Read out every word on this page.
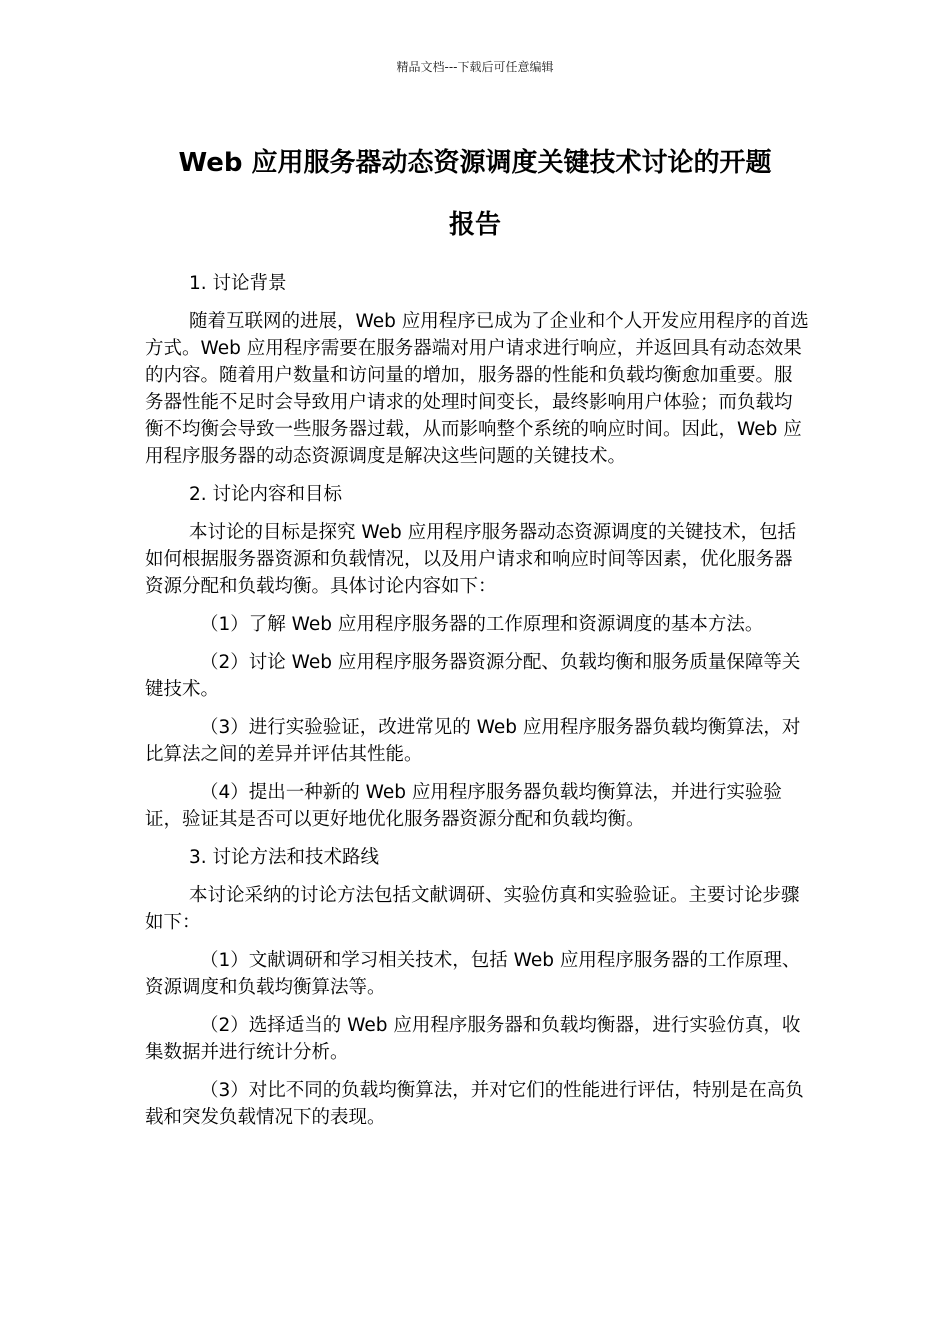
精品文档---下载后可任意编辑
Web 应用服务器动态资源调度关键技术讨论的开题
报告

1. 讨论背景

随着互联网的进展，Web 应用程序已成为了企业和个人开发应用程序的首选方式。Web 应用程序需要在服务器端对用户请求进行响应，并返回具有动态效果的内容。随着用户数量和访问量的增加，服务器的性能和负载均衡愈加重要。服务器性能不足时会导致用户请求的处理时间变长，最终影响用户体验；而负载均衡不均衡会导致一些服务器过载，从而影响整个系统的响应时间。因此，Web 应用程序服务器的动态资源调度是解决这些问题的关键技术。

2. 讨论内容和目标

本讨论的目标是探究 Web 应用程序服务器动态资源调度的关键技术，包括如何根据服务器资源和负载情况，以及用户请求和响应时间等因素，优化服务器资源分配和负载均衡。具体讨论内容如下：

（1）了解 Web 应用程序服务器的工作原理和资源调度的基本方法。

（2）讨论 Web 应用程序服务器资源分配、负载均衡和服务质量保障等关键技术。

（3）进行实验验证，改进常见的 Web 应用程序服务器负载均衡算法，对比算法之间的差异并评估其性能。

（4）提出一种新的 Web 应用程序服务器负载均衡算法，并进行实验验证，验证其是否可以更好地优化服务器资源分配和负载均衡。

3. 讨论方法和技术路线

本讨论采纳的讨论方法包括文献调研、实验仿真和实验验证。主要讨论步骤如下：

（1）文献调研和学习相关技术，包括 Web 应用程序服务器的工作原理、资源调度和负载均衡算法等。

（2）选择适当的 Web 应用程序服务器和负载均衡器，进行实验仿真，收集数据并进行统计分析。

（3）对比不同的负载均衡算法，并对它们的性能进行评估，特别是在高负载和突发负载情况下的表现。
